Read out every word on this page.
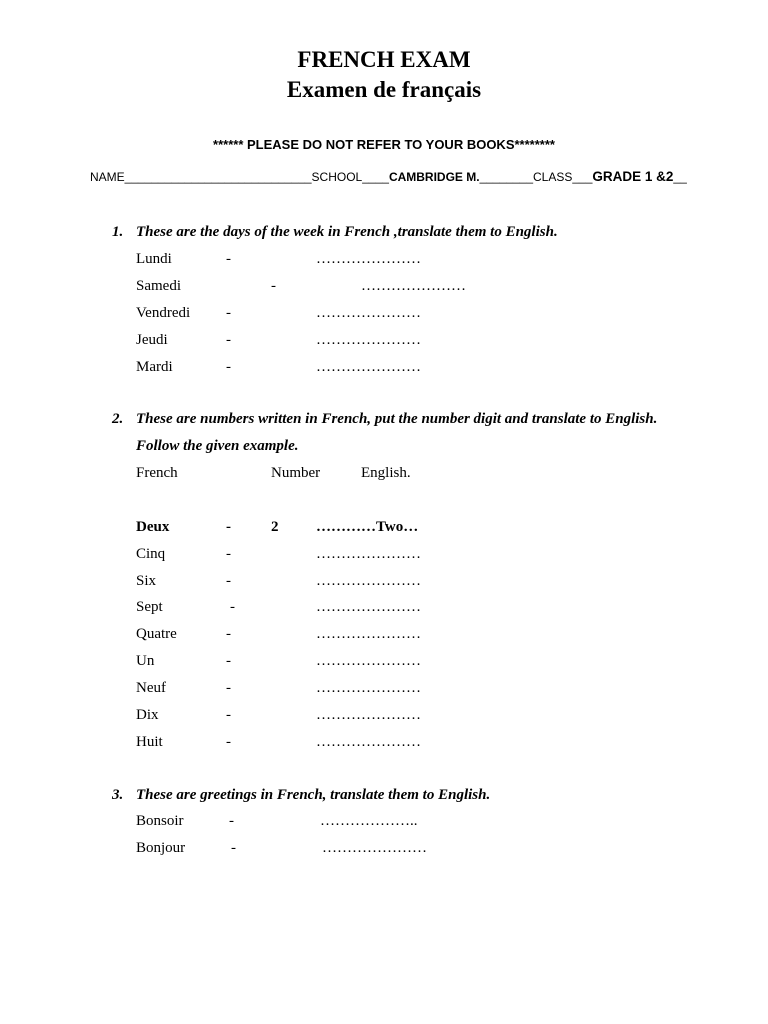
FRENCH EXAM
Examen de français
****** PLEASE DO NOT REFER TO YOUR BOOKS********
NAME____________________________SCHOOL____CAMBRIDGE M.________CLASS___GRADE 1 &2__
1. These are the days of the week in French ,translate them to English.
Lundi	-	…………………
Samedi	-	…………………
Vendredi -	…………………
Jeudi	-	…………………
Mardi	-	…………………
2. These are numbers written in French, put the number digit and translate to English.
Follow the given example.
French	Number	English.
Deux	-	2	…………Two…
Cinq	-	…………………
Six	-	…………………
Sept	-	…………………
Quatre	-	…………………
Un	-	…………………
Neuf	-	…………………
Dix	-	…………………
Huit	-	…………………
3. These are greetings in French, translate them to English.
Bonsoir	-	………………..
Bonjour	-	…………………
